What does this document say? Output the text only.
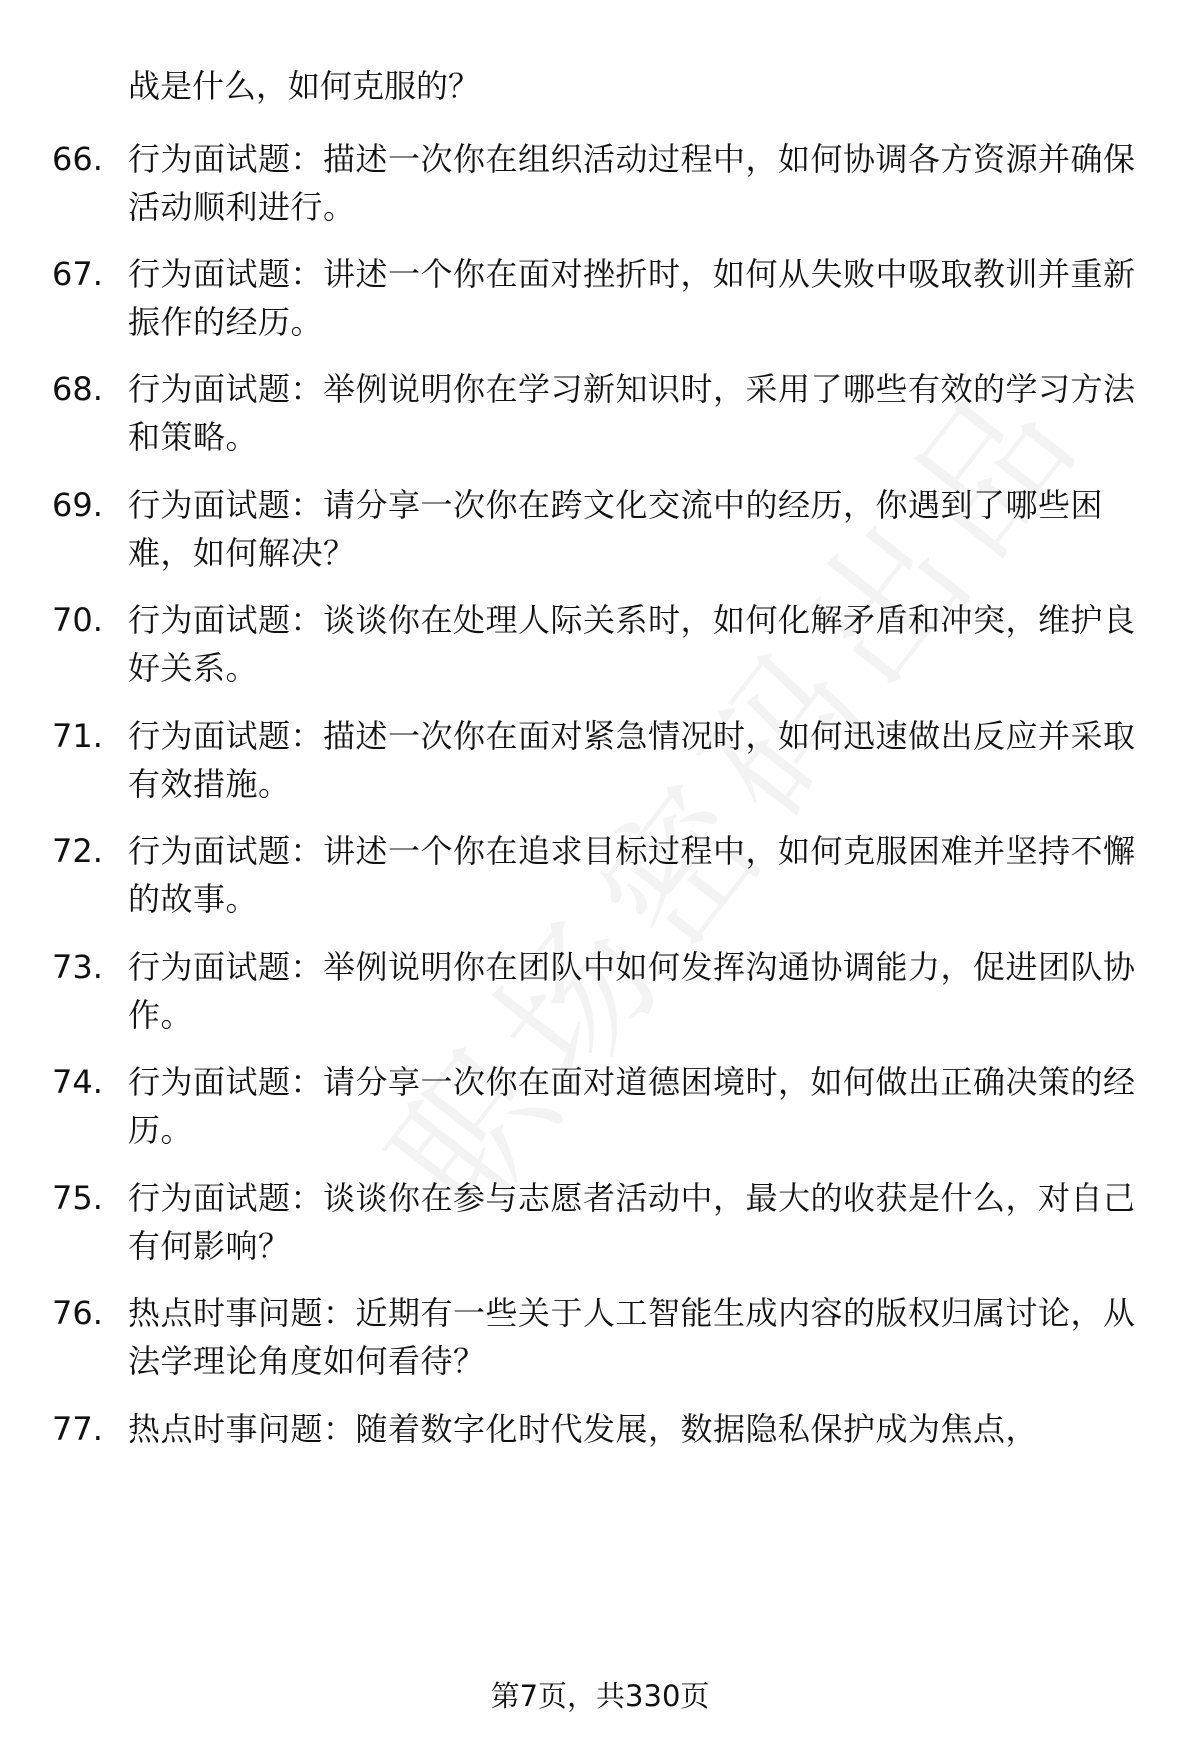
战是什么，如何克服的？
66. 行为面试题：描述一次你在组织活动过程中，如何协调各方资源并确保活动顺利进行。
67. 行为面试题：讲述一个你在面对挫折时，如何从失败中吸取教训并重新振作的经历。
68. 行为面试题：举例说明你在学习新知识时，采用了哪些有效的学习方法和策略。
69. 行为面试题：请分享一次你在跨文化交流中的经历，你遇到了哪些困难，如何解决？
70. 行为面试题：谈谈你在处理人际关系时，如何化解矛盾和冲突，维护良好关系。
71. 行为面试题：描述一次你在面对紧急情况时，如何迅速做出反应并采取有效措施。
72. 行为面试题：讲述一个你在追求目标过程中，如何克服困难并坚持不懈的故事。
73. 行为面试题：举例说明你在团队中如何发挥沟通协调能力，促进团队协作。
74. 行为面试题：请分享一次你在面对道德困境时，如何做出正确决策的经历。
75. 行为面试题：谈谈你在参与志愿者活动中，最大的收获是什么，对自己有何影响？
76. 热点时事问题：近期有一些关于人工智能生成内容的版权归属讨论，从法学理论角度如何看待？
77. 热点时事问题：随着数字化时代发展，数据隐私保护成为焦点，
第7页，共330页
